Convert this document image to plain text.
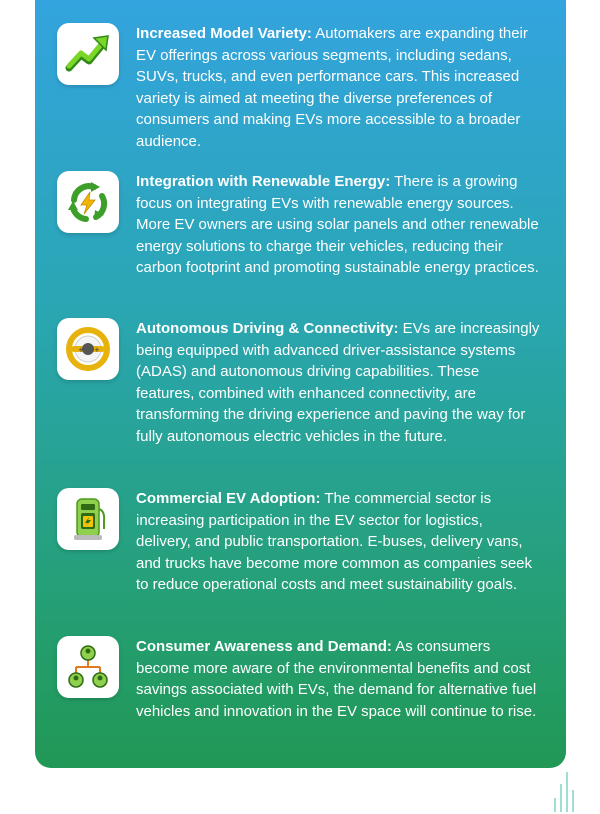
Increased Model Variety: Automakers are expanding their EV offerings across various segments, including sedans, SUVs, trucks, and even performance cars. This increased variety is aimed at meeting the diverse preferences of consumers and making EVs more accessible to a broader audience.
Integration with Renewable Energy: There is a growing focus on integrating EVs with renewable energy sources. More EV owners are using solar panels and other renewable energy solutions to charge their vehicles, reducing their carbon footprint and promoting sustainable energy practices.
+ +
Autonomous Driving & Connectivity: EVs are increasingly being equipped with advanced driver-assistance systems (ADAS) and autonomous driving capabilities. These features, combined with enhanced connectivity, are transforming the driving experience and paving the way for fully autonomous electric vehicles in the future.
Commercial EV Adoption: The commercial sector is increasing participation in the EV sector for logistics, delivery, and public transportation. E-buses, delivery vans, and trucks have become more common as companies seek to reduce operational costs and meet sustainability goals.
Consumer Awareness and Demand: As consumers become more aware of the environmental benefits and cost savings associated with EVs, the demand for alternative fuel vehicles and innovation in the EV space will continue to rise.
